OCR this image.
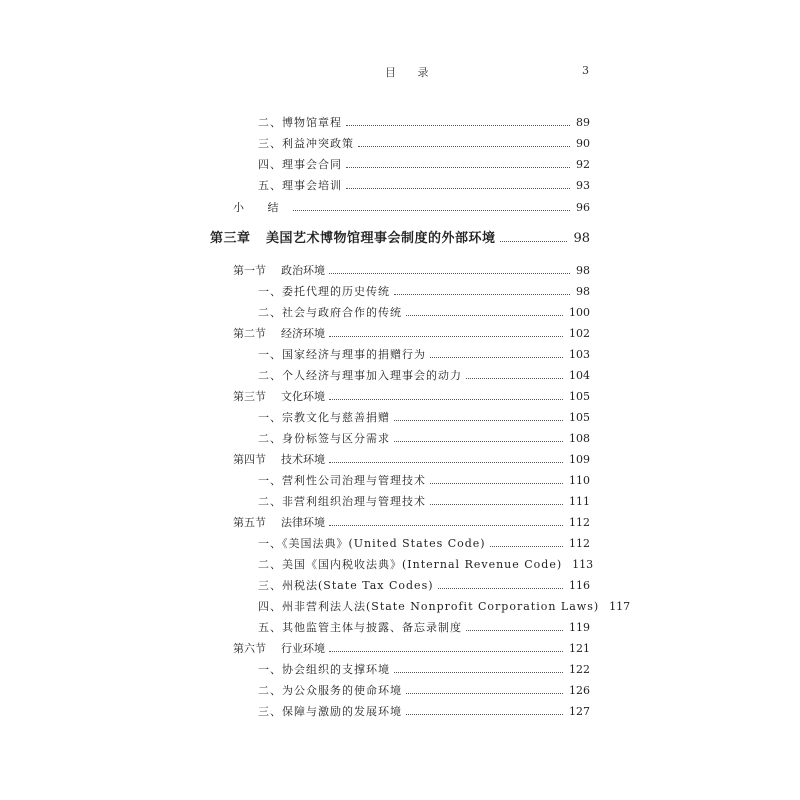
目 录	3
二、博物馆章程	89
三、利益冲突政策	90
四、理事会合同	92
五、理事会培训	93
小 结	96
第三章 美国艺术博物馆理事会制度的外部环境	98
第一节 政治环境	98
一、委托代理的历史传统	98
二、社会与政府合作的传统	100
第二节 经济环境	102
一、国家经济与理事的捐赠行为	103
二、个人经济与理事加入理事会的动力	104
第三节 文化环境	105
一、宗教文化与慈善捐赠	105
二、身份标签与区分需求	108
第四节 技术环境	109
一、营利性公司治理与管理技术	110
二、非营利组织治理与管理技术	111
第五节 法律环境	112
一、《美国法典》(United States Code)	112
二、美国《国内税收法典》(Internal Revenue Code) 113
三、州税法(State Tax Codes)	116
四、州非营利法人法(State Nonprofit Corporation Laws) 117
五、其他监管主体与披露、备忘录制度	119
第六节 行业环境	121
一、协会组织的支撑环境	122
二、为公众服务的使命环境	126
三、保障与激励的发展环境	127
